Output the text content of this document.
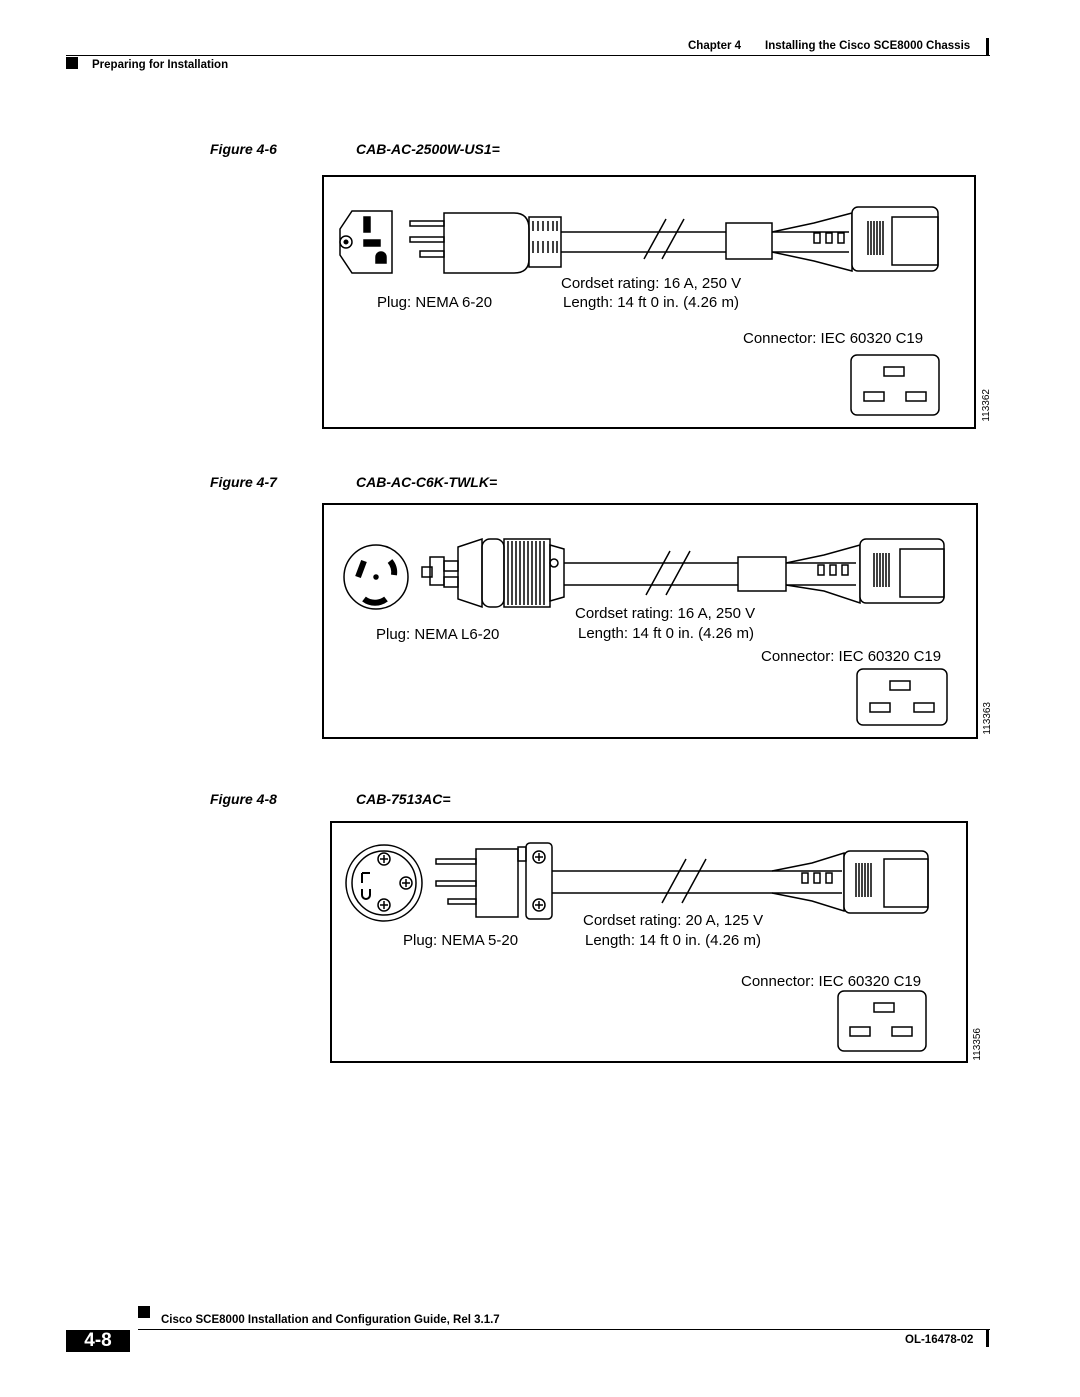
Chapter 4 Installing the Cisco SCE8000 Chassis
Preparing for Installation
Figure 4-6	CAB-AC-2500W-US1=
Cordset rating: 16 A, 250 V
Plug: NEMA 6-20	Length: 14 ft 0 in. (4.26 m)
Connector: IEC 60320 C19
113362
Figure 4-7	CAB-AC-C6K-TWLK=
Cordset rating: 16 A, 250 V
Plug: NEMA L6-20	Length: 14 ft 0 in. (4.26 m)
Connector: IEC 60320 C19
113363
Figure 4-8	CAB-7513AC=
Cordset rating: 20 A, 125 V
Plug: NEMA 5-20	Length: 14 ft 0 in. (4.26 m)
Connector: IEC 60320 C19
113356
Cisco SCE8000 Installation and Configuration Guide, Rel 3.1.7
4-8	OL-16478-02
